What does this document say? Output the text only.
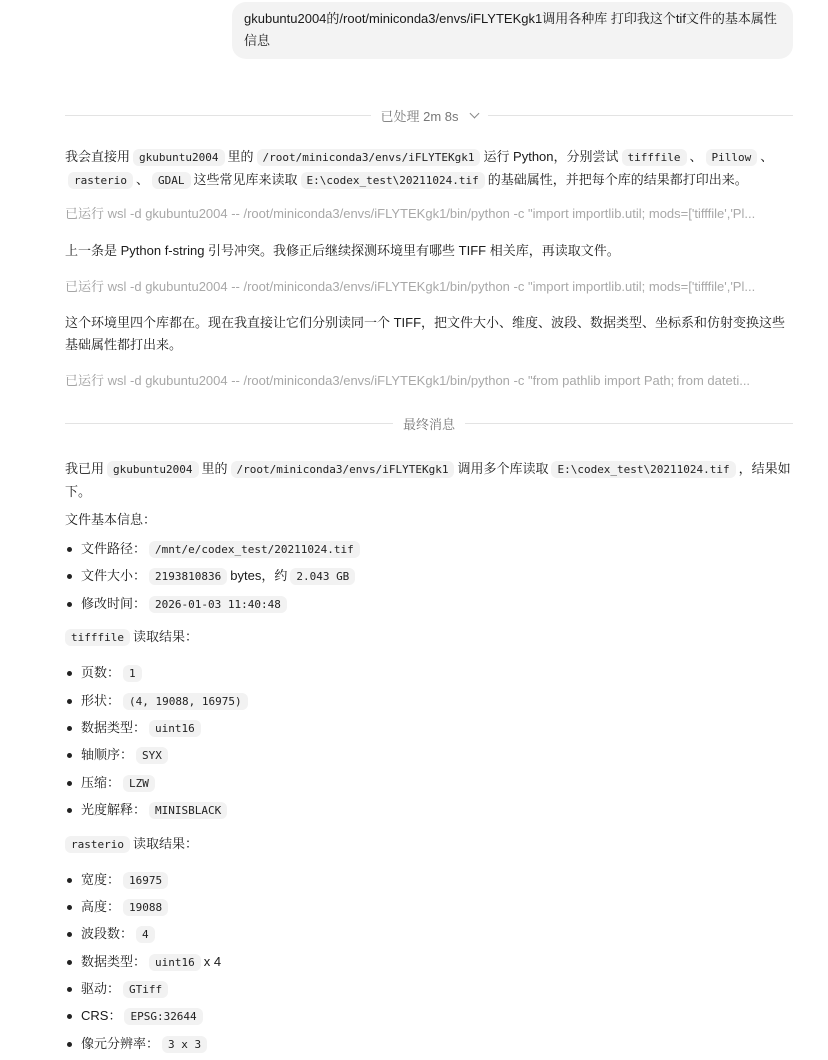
gkubuntu2004的/root/miniconda3/envs/iFLYTEKgk1调用各种库 打印我这个tif文件的基本属性信息
已处理 2m 8s
我会直接用 gkubuntu2004 里的 /root/miniconda3/envs/iFLYTEKgk1 运行 Python，分别尝试 tifffile 、 Pillow 、rasterio 、 GDAL 这些常见库来读取 E:\codex_test\20211024.tif 的基础属性，并把每个库的结果都打印出来。
已运行 wsl -d gkubuntu2004 -- /root/miniconda3/envs/iFLYTEKgk1/bin/python -c "import importlib.util; mods=['tifffile','Pl...
上一条是 Python f-string 引号冲突。我修正后继续探测环境里有哪些 TIFF 相关库，再读取文件。
已运行 wsl -d gkubuntu2004 -- /root/miniconda3/envs/iFLYTEKgk1/bin/python -c "import importlib.util; mods=['tifffile','Pl...
这个环境里四个库都在。现在我直接让它们分别读同一个 TIFF，把文件大小、维度、波段、数据类型、坐标系和仿射变换这些基础属性都打出来。
已运行 wsl -d gkubuntu2004 -- /root/miniconda3/envs/iFLYTEKgk1/bin/python -c "from pathlib import Path; from dateti...
最终消息
我已用 gkubuntu2004 里的 /root/miniconda3/envs/iFLYTEKgk1 调用多个库读取 E:\codex_test\20211024.tif ，结果如下。
文件基本信息：
文件路径： /mnt/e/codex_test/20211024.tif
文件大小： 2193810836 bytes，约 2.043 GB
修改时间： 2026-01-03 11:40:48
tifffile 读取结果：
页数： 1
形状： (4, 19088, 16975)
数据类型： uint16
轴顺序： SYX
压缩： LZW
光度解释： MINISBLACK
rasterio 读取结果：
宽度： 16975
高度： 19088
波段数： 4
数据类型： uint16 x 4
驱动： GTiff
CRS： EPSG:32644
像元分辨率： 3 x 3
